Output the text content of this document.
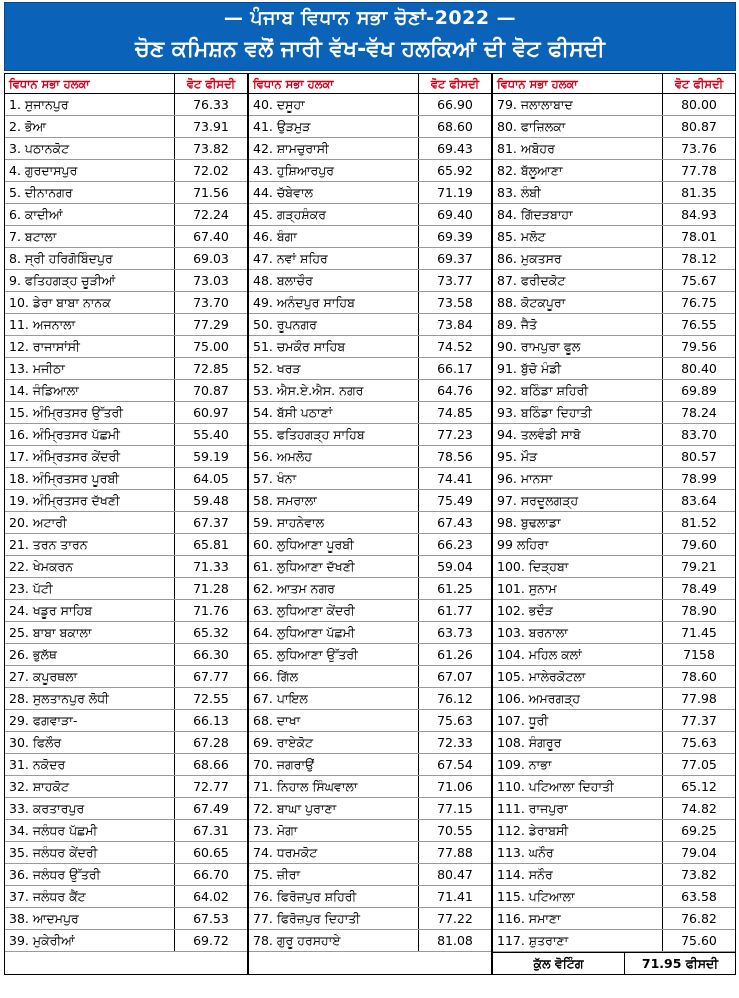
— ਪੰਜਾਬ ਵਿਧਾਨ ਸਭਾ ਚੋਣਾਂ-2022 —
ਚੋਣ ਕਮਿਸ਼ਨ ਵਲੋਂ ਜਾਰੀ ਵੱਖ-ਵੱਖ ਹਲਕਿਆਂ ਦੀ ਵੋਟ ਫੀਸਦੀ
ਵਿਧਾਨ ਸਭਾ ਹਲਕਾ	ਵੋਟ ਫੀਸਦੀ
1. ਸੁਜਾਨਪੁਰ	76.33
2. ਭੋਆ	73.91
3. ਪਠਾਨਕੋਟ	73.82
4. ਗੁਰਦਾਸਪੁਰ	72.02
5. ਦੀਨਾਨਗਰ	71.56
6. ਕਾਦੀਆਂ	72.24
7. ਬਟਾਲਾ	67.40
8. ਸ੍ਰੀ ਹਰਿਗੋਬਿੰਦਪੁਰ	69.03
9. ਫਤਿਹਗੜ੍ਹ ਚੂੜੀਆਂ	73.03
10. ਡੇਰਾ ਬਾਬਾ ਨਾਨਕ	73.70
11. ਅਜਨਾਲਾ	77.29
12. ਰਾਜਾਸਾਂਸੀ	75.00
13. ਮਜੀਠਾ	72.85
14. ਜੰਡਿਆਲਾ	70.87
15. ਅੰਮ੍ਰਿਤਸਰ ਉੱਤਰੀ	60.97
16. ਅੰਮ੍ਰਿਤਸਰ ਪੱਛਮੀ	55.40
17. ਅੰਮ੍ਰਿਤਸਰ ਕੇਂਦਰੀ	59.19
18. ਅੰਮ੍ਰਿਤਸਰ ਪੂਰਬੀ	64.05
19. ਅੰਮ੍ਰਿਤਸਰ ਦੱਖਣੀ	59.48
20. ਅਟਾਰੀ	67.37
21. ਤਰਨ ਤਾਰਨ	65.81
22. ਖੇਮਕਰਨ	71.33
23. ਪੱਟੀ	71.28
24. ਖਡੂਰ ਸਾਹਿਬ	71.76
25. ਬਾਬਾ ਬਕਾਲਾ	65.32
26. ਭੁਲੱਥ	66.30
27. ਕਪੂਰਥਲਾ	67.77
28. ਸੁਲਤਾਨਪੁਰ ਲੋਧੀ	72.55
29. ਫਗਵਾੜਾ-	66.13
30. ਫਿਲੌਰ	67.28
31. ਨਕੋਦਰ	68.66
32. ਸ਼ਾਹਕੋਟ	72.77
33. ਕਰਤਾਰਪੁਰ	67.49
34. ਜਲੰਧਰ ਪੱਛਮੀ	67.31
35. ਜਲੰਧਰ ਕੇਂਦਰੀ	60.65
36. ਜਲੰਧਰ ਉੱਤਰੀ	66.70
37. ਜਲੰਧਰ ਕੈਂਟ	64.02
38. ਆਦਮਪੁਰ	67.53
39. ਮੁਕੇਰੀਆਂ	69.72
ਵਿਧਾਨ ਸਭਾ ਹਲਕਾ	ਵੋਟ ਫੀਸਦੀ
40. ਦਸੂਹਾ	66.90
41. ਉੜਮੁੜ	68.60
42. ਸ਼ਾਮਚੁਰਾਸੀ	69.43
43. ਹੁਸ਼ਿਆਰਪੁਰ	65.92
44. ਚੱਬੇਵਾਲ	71.19
45. ਗੜ੍ਹਸ਼ੰਕਰ	69.40
46. ਬੰਗਾ	69.39
47. ਨਵਾਂ ਸ਼ਹਿਰ	69.37
48. ਬਲਾਚੌਰ	73.77
49. ਅਨੰਦਪੁਰ ਸਾਹਿਬ	73.58
50. ਰੂਪਨਗਰ	73.84
51. ਚਮਕੌਰ ਸਾਹਿਬ	74.52
52. ਖਰੜ	66.17
53. ਐਸ.ਏ.ਐਸ. ਨਗਰ	64.76
54. ਬੱਸੀ ਪਠਾਣਾਂ	74.85
55. ਫਤਿਹਗੜ੍ਹ ਸਾਹਿਬ	77.23
56. ਅਮਲੋਹ	78.56
57. ਖੰਨਾ	74.41
58. ਸਮਰਾਲਾ	75.49
59. ਸਾਹਨੇਵਾਲ	67.43
60. ਲੁਧਿਆਣਾ ਪੂਰਬੀ	66.23
61. ਲੁਧਿਆਣਾ ਦੱਖਣੀ	59.04
62. ਆਤਮ ਨਗਰ	61.25
63. ਲੁਧਿਆਣਾ ਕੇਂਦਰੀ	61.77
64. ਲੁਧਿਆਣਾ ਪੱਛਮੀ	63.73
65. ਲੁਧਿਆਣਾ ਉੱਤਰੀ	61.26
66. ਗਿੱਲ	67.07
67. ਪਾਇਲ	76.12
68. ਦਾਖਾ	75.63
69. ਰਾਏਕੋਟ	72.33
70. ਜਗਰਾਉਂ	67.54
71. ਨਿਹਾਲ ਸਿੰਘਵਾਲਾ	71.06
72. ਬਾਘਾ ਪੁਰਾਣਾ	77.15
73. ਮੋਗਾ	70.55
74. ਧਰਮਕੋਟ	77.88
75. ਜ਼ੀਰਾ	80.47
76. ਫਿਰੋਜ਼ਪੁਰ ਸ਼ਹਿਰੀ	71.41
77. ਫਿਰੋਜ਼ਪੁਰ ਦਿਹਾਤੀ	77.22
78. ਗੁਰੂ ਹਰਸਹਾਏ	81.08
ਵਿਧਾਨ ਸਭਾ ਹਲਕਾ	ਵੋਟ ਫੀਸਦੀ
79. ਜਲਾਲਾਬਾਦ	80.00
80. ਫਾਜ਼ਿਲਕਾ	80.87
81. ਅਬੋਹਰ	73.76
82. ਬੱਲੂਆਣਾ	77.78
83. ਲੰਬੀ	81.35
84. ਗਿੱਦੜਬਾਹਾ	84.93
85. ਮਲੋਟ	78.01
86. ਮੁਕਤਸਰ	78.12
87. ਫਰੀਦਕੋਟ	75.67
88. ਕੋਟਕਪੂਰਾ	76.75
89. ਜੈਤੋ	76.55
90. ਰਾਮਪੁਰਾ ਫੂਲ	79.56
91. ਬੁੱਚੋ ਮੰਡੀ	80.40
92. ਬਠਿੰਡਾ ਸ਼ਹਿਰੀ	69.89
93. ਬਠਿੰਡਾ ਦਿਹਾਤੀ	78.24
94. ਤਲਵੰਡੀ ਸਾਬੋ	83.70
95. ਮੌੜ	80.57
96. ਮਾਨਸਾ	78.99
97. ਸਰਦੂਲਗੜ੍ਹ	83.64
98. ਬੁਢਲਾਡਾ	81.52
99 ਲਹਿਰਾ	79.60
100. ਦਿੜ੍ਹਬਾ	79.21
101. ਸੁਨਾਮ	78.49
102. ਭਦੌੜ	78.90
103. ਬਰਨਾਲਾ	71.45
104. ਮਹਿਲ ਕਲਾਂ	7158
105. ਮਾਲੇਰਕੋਟਲਾ	78.60
106. ਅਮਰਗੜ੍ਹ	77.98
107. ਧੂਰੀ	77.37
108. ਸੰਗਰੂਰ	75.63
109. ਨਾਭਾ	77.05
110. ਪਟਿਆਲਾ ਦਿਹਾਤੀ	65.12
111. ਰਾਜਪੁਰਾ	74.82
112. ਡੇਰਾਬਸੀ	69.25
113. ਘਨੌਰ	79.04
114. ਸਨੌਰ	73.82
115. ਪਟਿਆਲਾ	63.58
116. ਸਮਾਣਾ	76.82
117. ਸ਼ੁਤਰਾਣਾ	75.60
ਕੁੱਲ ਵੋਟਿੰਗ	71.95 ਫੀਸਦੀ
